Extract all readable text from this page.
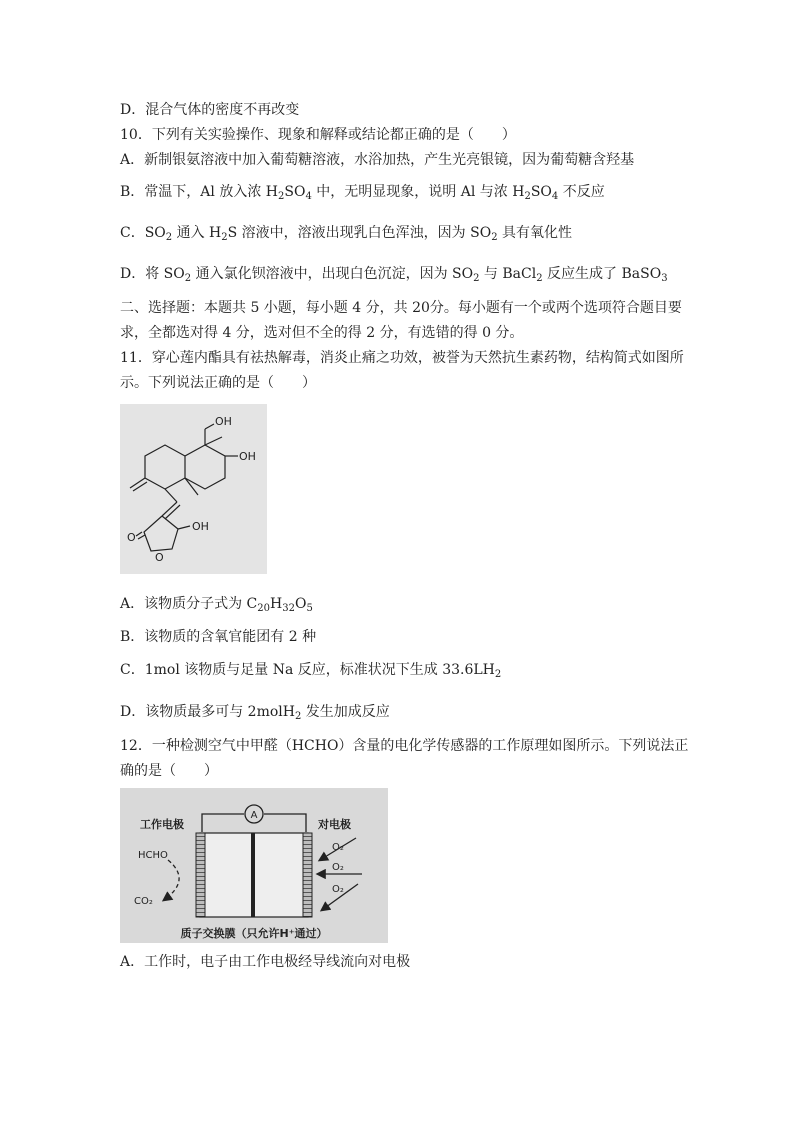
D．混合气体的密度不再改变
10．下列有关实验操作、现象和解释或结论都正确的是（　　）
A．新制银氨溶液中加入葡萄糖溶液，水浴加热，产生光亮银镜，因为葡萄糖含羟基
B．常温下，Al 放入浓 $H_2SO_4$ 中，无明显现象，说明 Al 与浓 $H_2SO_4$ 不反应
C．$SO_2$ 通入 $H_2S$ 溶液中，溶液出现乳白色浑浊，因为 $SO_2$ 具有氧化性
D．将 $SO_2$ 通入氯化钡溶液中，出现白色沉淀，因为 $SO_2$ 与 BaCl$_2$ 反应生成了 BaSO$_3$
二、选择题：本题共 5 小题，每小题 4 分，共 20分。每小题有一个或两个选项符合题目要
求，全都选对得 4 分，选对但不全的得 2 分，有选错的得 0 分。
11．穿心莲内酯具有祛热解毒，消炎止痛之功效，被誉为天然抗生素药物，结构简式如图所
示。下列说法正确的是（　　）
OH
OH
OH
O
O
A．该物质分子式为 $C_{20}H_{32}O_5$
B．该物质的含氧官能团有 2 种
C．1mol 该物质与足量 Na 反应，标准状况下生成 $33.6LH_2$
D．该物质最多可与 2molH$_2$ 发生加成反应
12．一种检测空气中甲醛（HCHO）含量的电化学传感器的工作原理如图所示。下列说法正
确的是（　　）
A
工作电极	对电极
HCHO
CO₂
O₂
O₂
O₂
质子交换膜（只允许H⁺通过）
A．工作时，电子由工作电极经导线流向对电极
